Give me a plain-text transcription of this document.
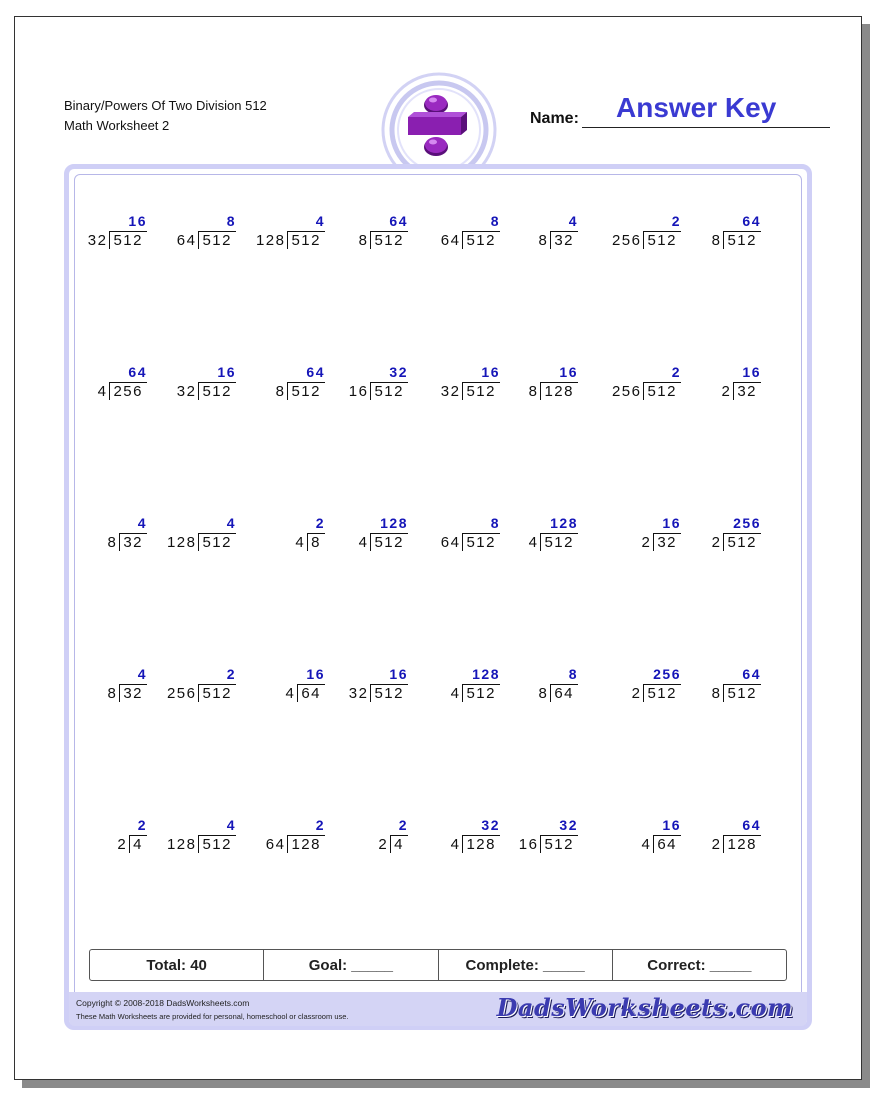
Binary/Powers Of Two Division 512
Math Worksheet 2	Name: Answer Key
16
32 512
8
64 512
4
128 512
64
8 512
8
64 512
4
8 32
2
256 512
64
8 512
64
4 256
16
32 512
64
8 512
32
16 512
16
32 512
16
8 128
2
256 512
16
2 32
4
8 32
4
128 512
2
4 8
128
4 512
8
64 512
128
4 512
16
2 32
256
2 512
4
8 32
2
256 512
16
4 64
16
32 512
128
4 512
8
8 64
256
2 512
64
8 512
2
2 4
4
128 512
2
64 128
2
2 4
32
4 128
32
16 512
16
4 64
64
2 128
Total: 40	Goal: _____	Complete: _____	Correct: _____
Copyright © 2008-2018 DadsWorksheets.com
These Math Worksheets are provided for personal, homeschool or classroom use.	DadsWorksheets.com
